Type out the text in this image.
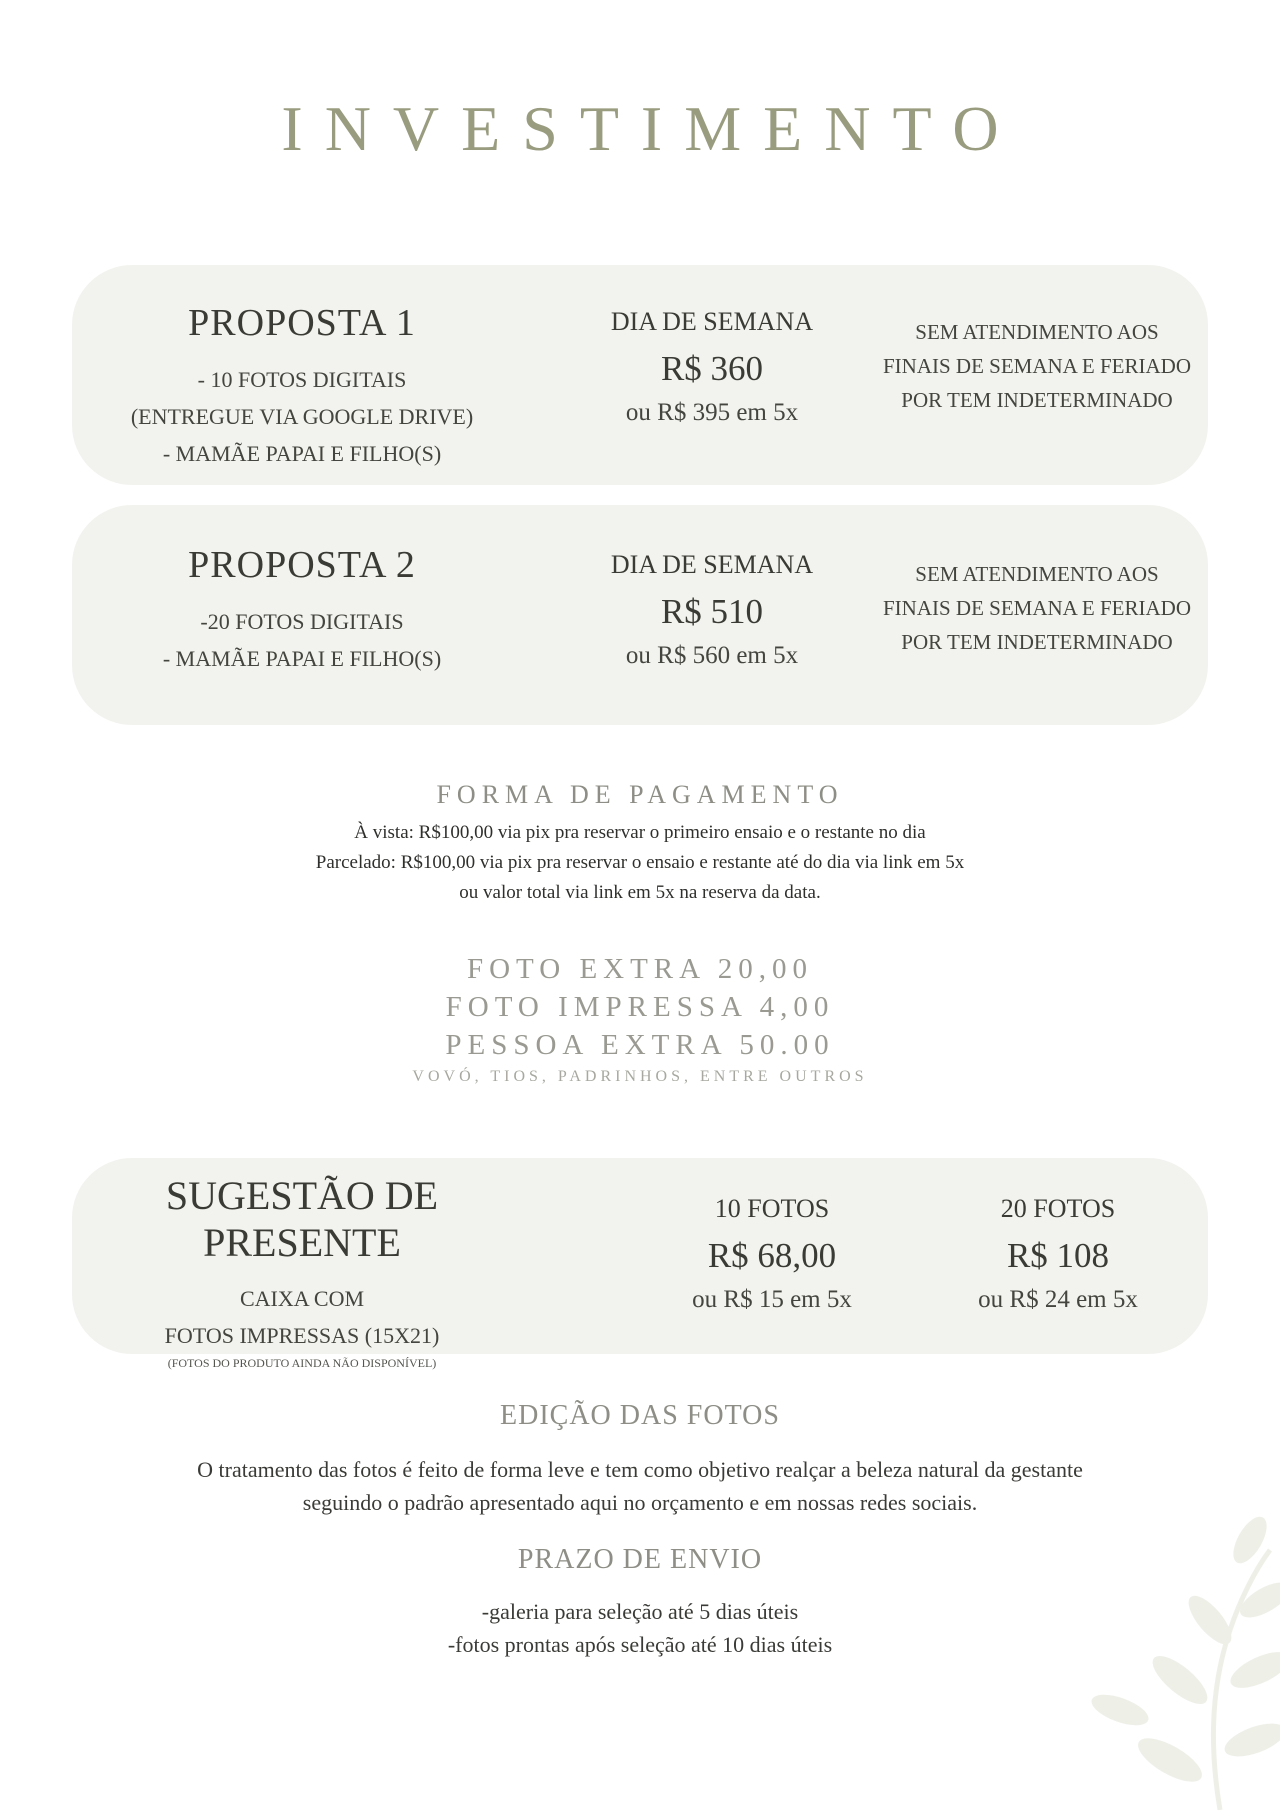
INVESTIMENTO
PROPOSTA 1
- 10 FOTOS DIGITAIS
(ENTREGUE VIA GOOGLE DRIVE)
- MAMÃE PAPAI E FILHO(S)
DIA DE SEMANA
R$ 360
ou R$ 395 em 5x
SEM ATENDIMENTO AOS
FINAIS DE SEMANA E FERIADO
POR TEM INDETERMINADO
PROPOSTA 2
-20 FOTOS DIGITAIS
- MAMÃE PAPAI E FILHO(S)
DIA DE SEMANA
R$ 510
ou R$ 560 em 5x
SEM ATENDIMENTO AOS
FINAIS DE SEMANA E FERIADO
POR TEM INDETERMINADO
FORMA DE PAGAMENTO
À vista: R$100,00 via pix pra reservar o primeiro ensaio e o restante no dia
Parcelado: R$100,00 via pix pra reservar o ensaio e restante até do dia via link em 5x
ou valor total via link em 5x na reserva da data.
FOTO EXTRA 20,00
FOTO IMPRESSA 4,00
PESSOA EXTRA 50.00
VOVÓ, TIOS, PADRINHOS, ENTRE OUTROS
SUGESTÃO DE PRESENTE
CAIXA COM
FOTOS IMPRESSAS (15X21)
(FOTOS DO PRODUTO AINDA NÃO DISPONÍVEL)
10 FOTOS
R$ 68,00
ou R$ 15 em 5x
20 FOTOS
R$ 108
ou R$ 24 em 5x
EDIÇÃO DAS FOTOS
O tratamento das fotos é feito de forma leve e tem como objetivo realçar a beleza natural da gestante
seguindo o padrão apresentado aqui no orçamento e em nossas redes sociais.
PRAZO DE ENVIO
-galeria para seleção até 5 dias úteis
-fotos prontas após seleção até 10 dias úteis
